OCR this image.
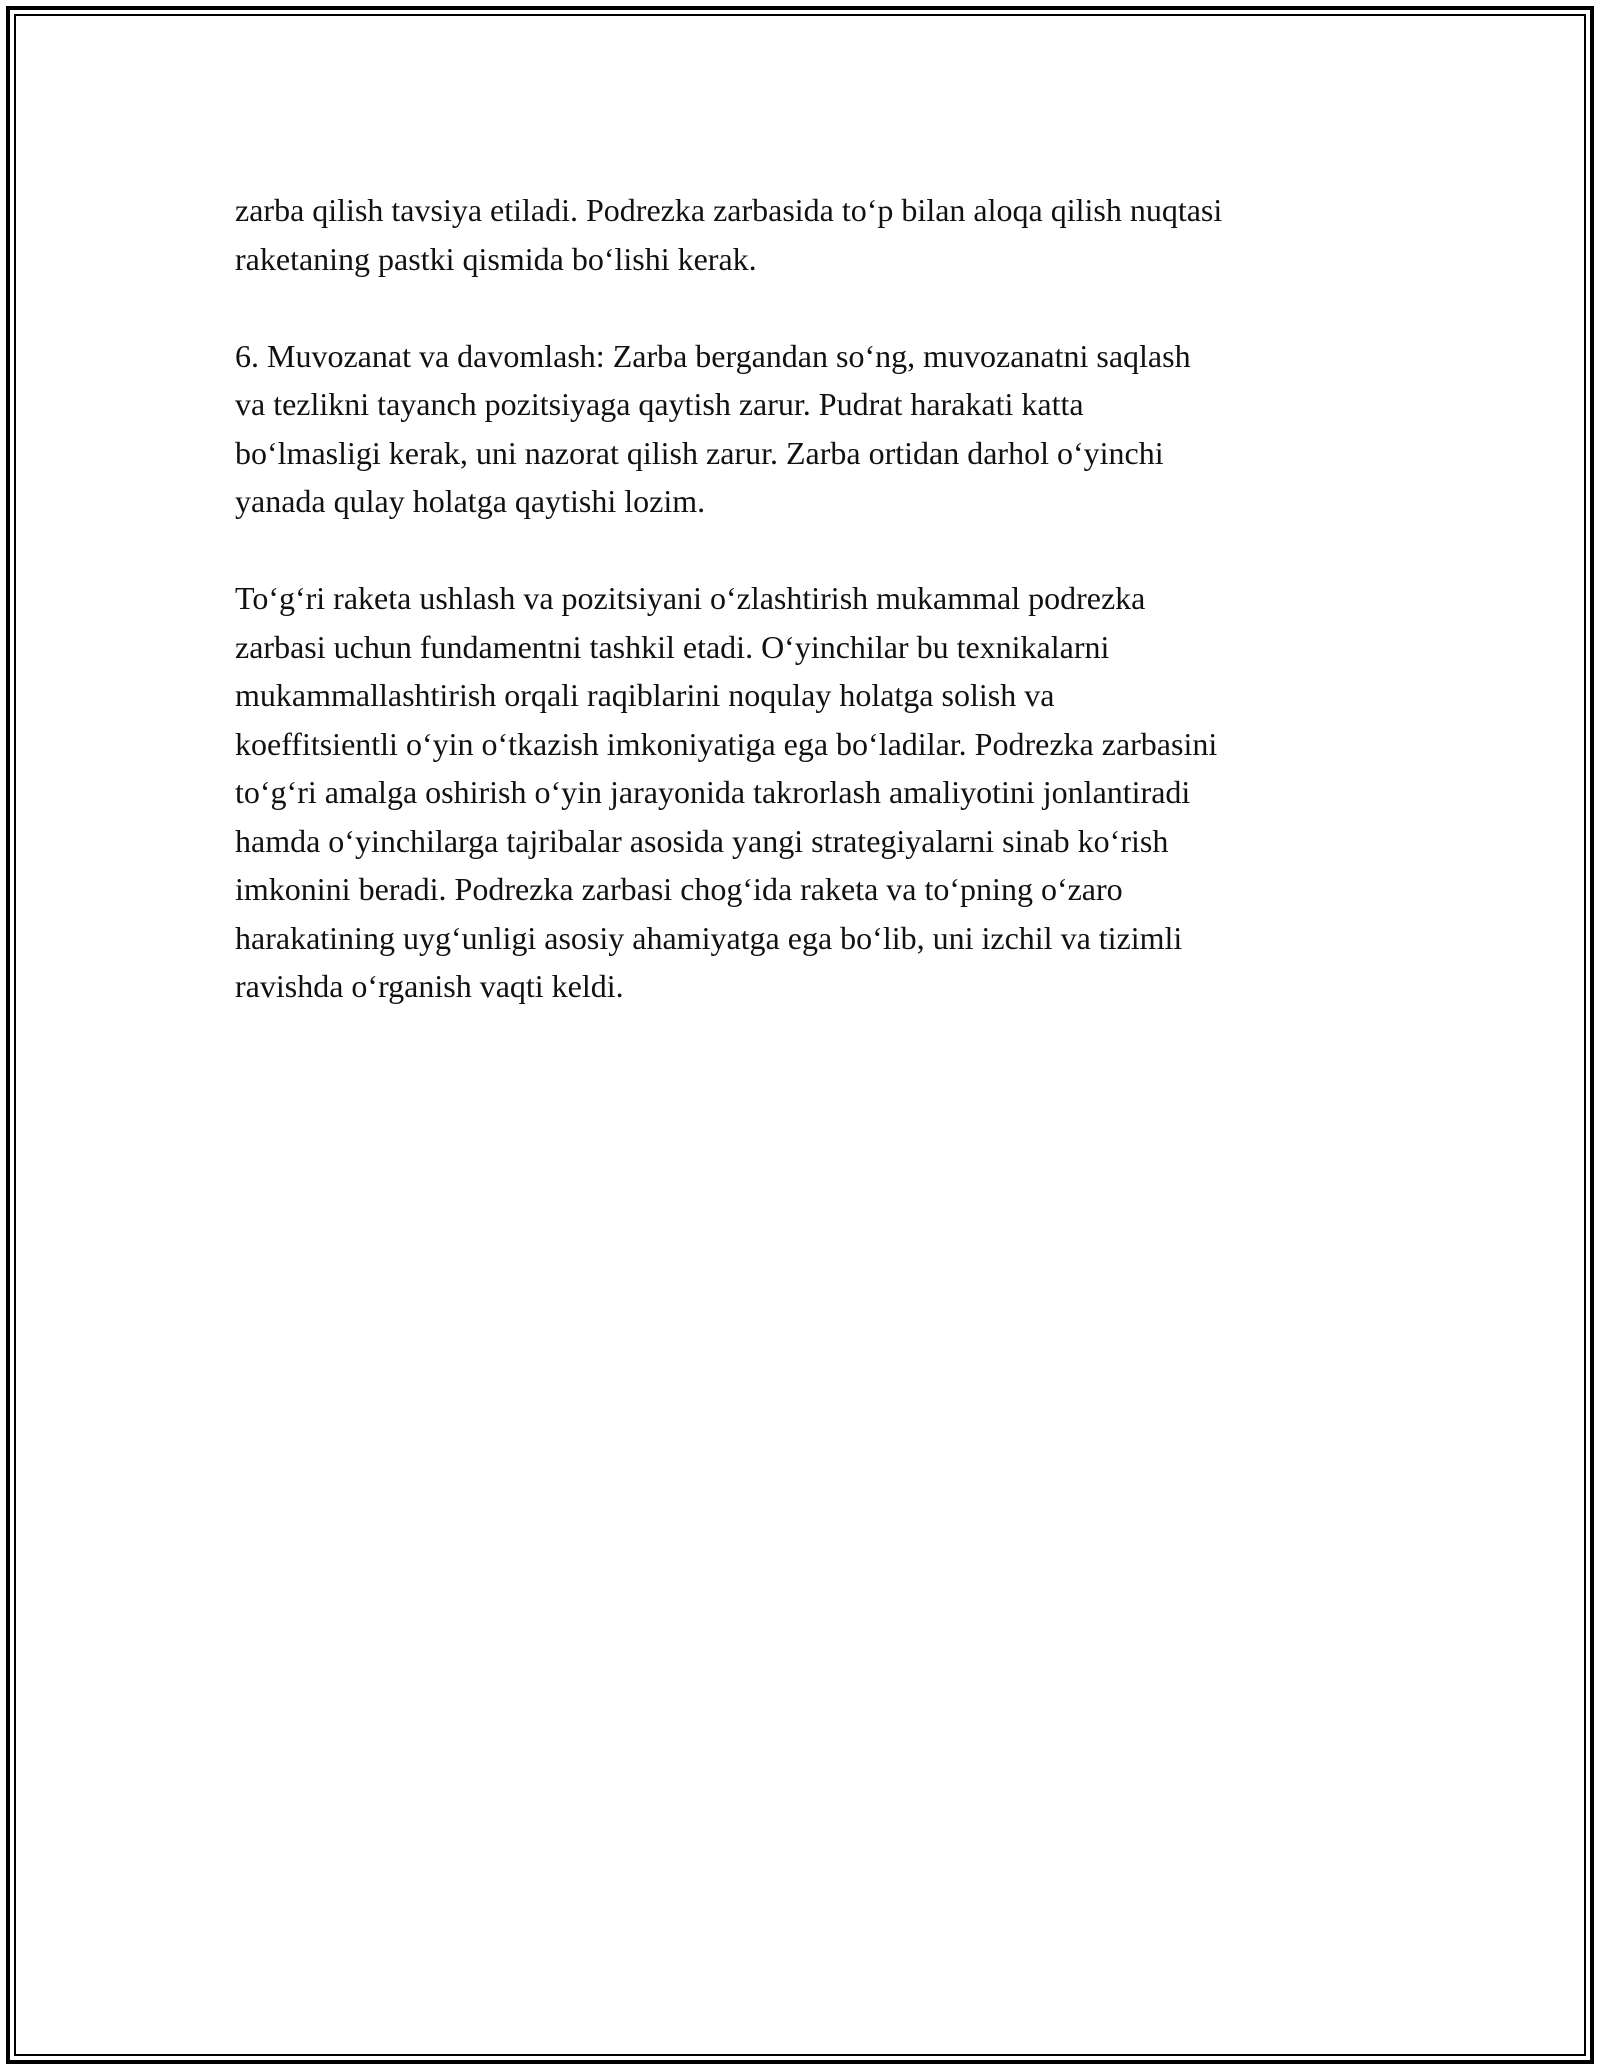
zarba qilish tavsiya etiladi. Podrezka zarbasida to‘p bilan aloqa qilish nuqtasi
raketaning pastki qismida bo‘lishi kerak.

6. Muvozanat va davomlash: Zarba bergandan so‘ng, muvozanatni saqlash
va tezlikni tayanch pozitsiyaga qaytish zarur. Pudrat harakati katta
bo‘lmasligi kerak, uni nazorat qilish zarur. Zarba ortidan darhol o‘yinchi
yanada qulay holatga qaytishi lozim.

To‘g‘ri raketa ushlash va pozitsiyani o‘zlashtirish mukammal podrezka
zarbasi uchun fundamentni tashkil etadi. O‘yinchilar bu texnikalarni
mukammallashtirish orqali raqiblarini noqulay holatga solish va
koeffitsientli o‘yin o‘tkazish imkoniyatiga ega bo‘ladilar. Podrezka zarbasini
to‘g‘ri amalga oshirish o‘yin jarayonida takrorlash amaliyotini jonlantiradi
hamda o‘yinchilarga tajribalar asosida yangi strategiyalarni sinab ko‘rish
imkonini beradi. Podrezka zarbasi chog‘ida raketa va to‘pning o‘zaro
harakatining uyg‘unligi asosiy ahamiyatga ega bo‘lib, uni izchil va tizimli
ravishda o‘rganish vaqti keldi.
